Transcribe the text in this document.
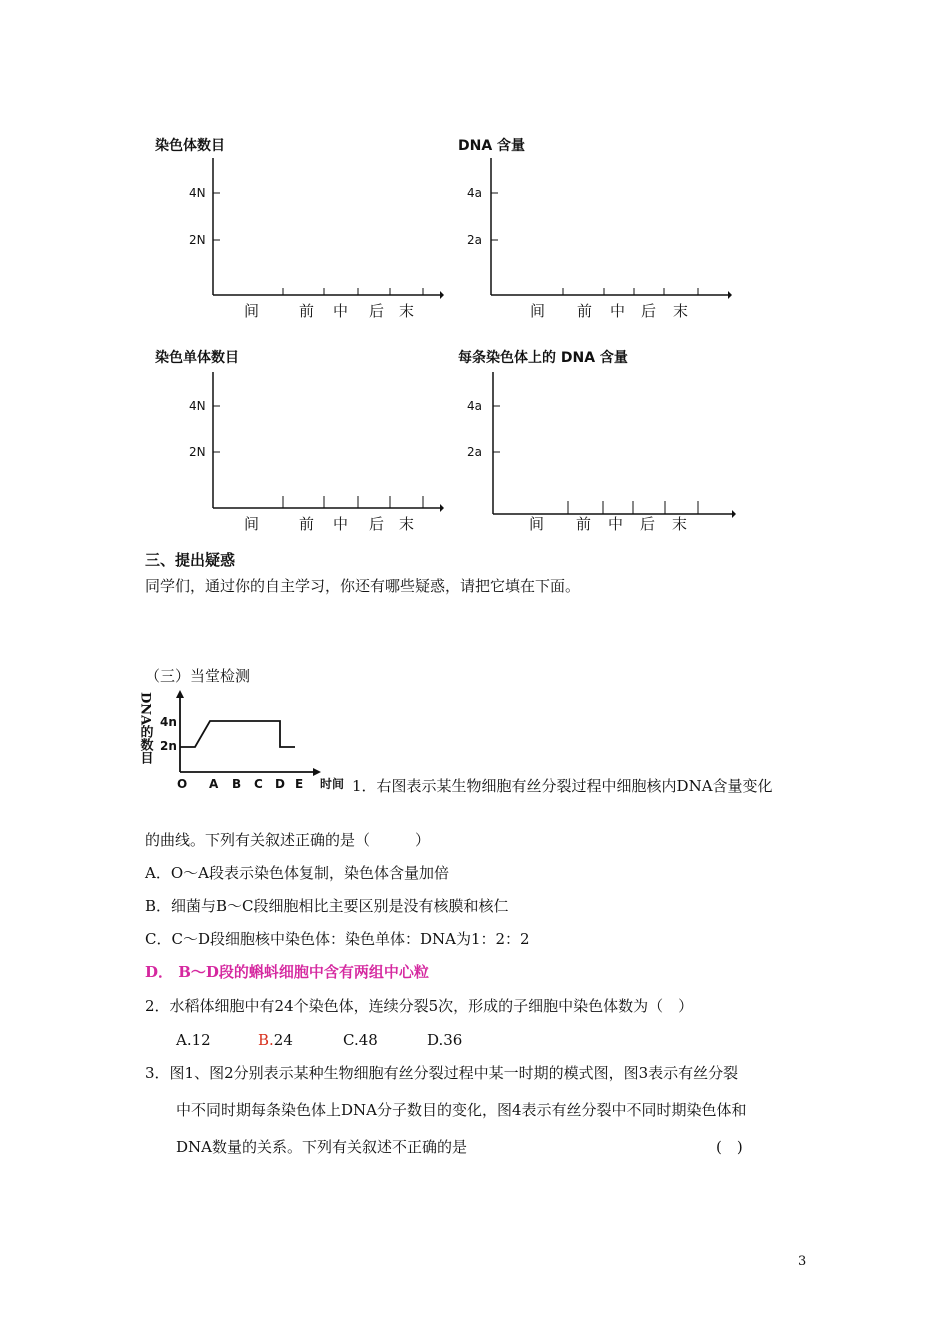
染色体数目
4N
2N
间	前 中 后 末
DNA 含量
4a
2a
间 前 中 后 末
染色单体数目
4N
2N
间	前 中 后 末
每条染色体上的 DNA 含量
4a
2a
间 前 中 后 末
三、提出疑惑
同学们，通过你的自主学习，你还有哪些疑惑，请把它填在下面。
（三）当堂检测
DNA的数目 4n
2n
O A B C D E 时间 1．右图表示某生物细胞有丝分裂过程中细胞核内DNA含量变化
的曲线。下列有关叙述正确的是（　　　）
A．O～A段表示染色体复制，染色体含量加倍
B．细菌与B～C段细胞相比主要区别是没有核膜和核仁
C．C～D段细胞核中染色体：染色单体：DNA为1：2：2
D． B～D段的蝌蚪细胞中含有两组中心粒
2．水稻体细胞中有24个染色体，连续分裂5次，形成的子细胞中染色体数为（　）
A.12	B.24	C.48	D.36
3．图1、图2分别表示某种生物细胞有丝分裂过程中某一时期的模式图，图3表示有丝分裂
中不同时期每条染色体上DNA分子数目的变化，图4表示有丝分裂中不同时期染色体和
DNA数量的关系。下列有关叙述不正确的是	(　)
3
